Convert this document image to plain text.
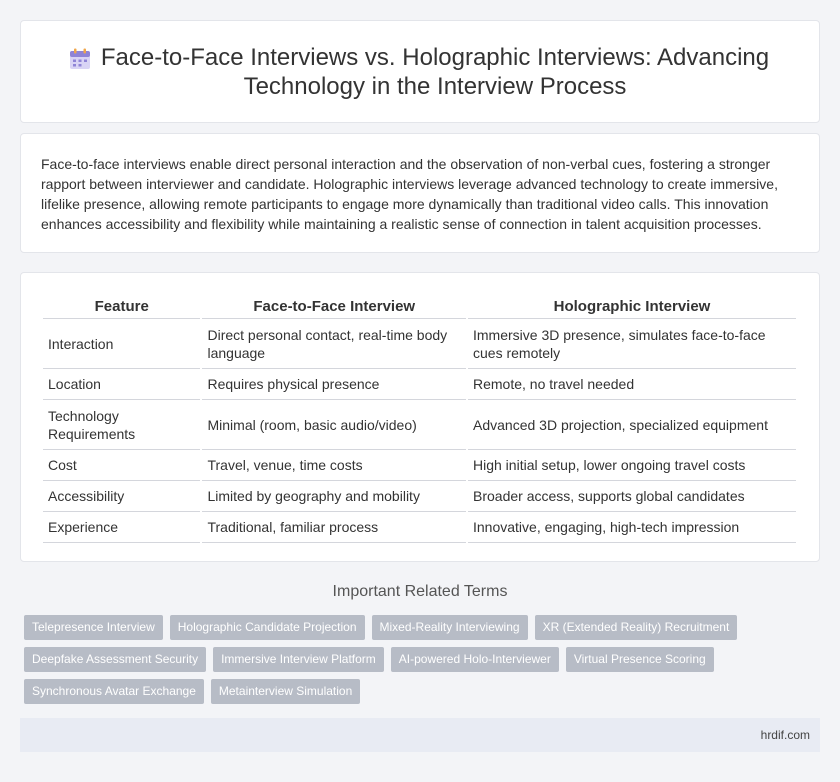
Face-to-Face Interviews vs. Holographic Interviews: Advancing Technology in the Interview Process

Face-to-face interviews enable direct personal interaction and the observation of non-verbal cues, fostering a stronger rapport between interviewer and candidate. Holographic interviews leverage advanced technology to create immersive, lifelike presence, allowing remote participants to engage more dynamically than traditional video calls. This innovation enhances accessibility and flexibility while maintaining a realistic sense of connection in talent acquisition processes.

Feature	Face-to-Face Interview	Holographic Interview
Interaction	Direct personal contact, real-time body language	Immersive 3D presence, simulates face-to-face cues remotely
Location	Requires physical presence	Remote, no travel needed
Technology Requirements	Minimal (room, basic audio/video)	Advanced 3D projection, specialized equipment
Cost	Travel, venue, time costs	High initial setup, lower ongoing travel costs
Accessibility	Limited by geography and mobility	Broader access, supports global candidates
Experience	Traditional, familiar process	Innovative, engaging, high-tech impression
Important Related Terms
Telepresence Interview	Holographic Candidate Projection	Mixed-Reality Interviewing	XR (Extended Reality) Recruitment
Deepfake Assessment Security	Immersive Interview Platform	AI-powered Holo-Interviewer	Virtual Presence Scoring
Synchronous Avatar Exchange	Metainterview Simulation
hrdif.com
